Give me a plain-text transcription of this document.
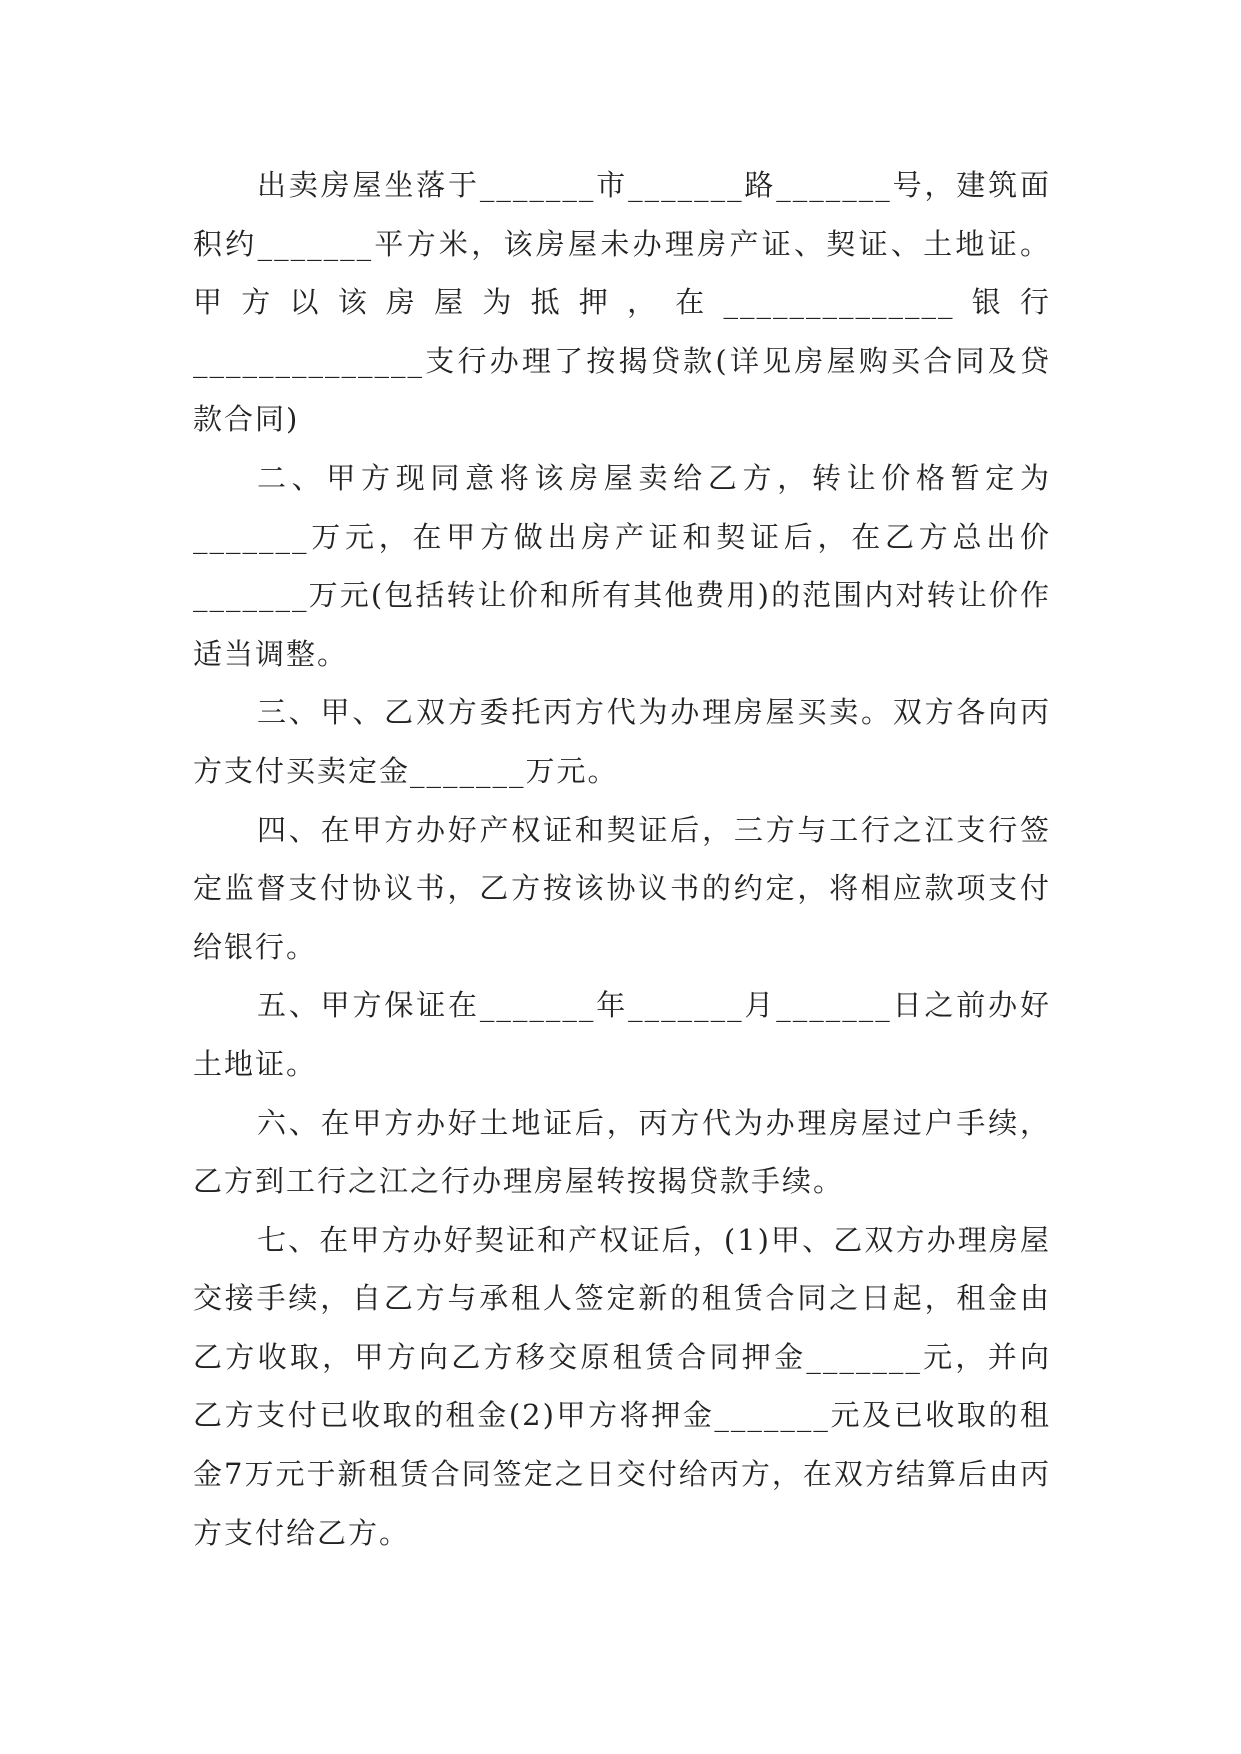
出卖房屋坐落于_______市_______路_______号，建筑面积约_______平方米，该房屋未办理房产证、契证、土地证。甲方以该房屋为抵押，在______________银行______________支行办理了按揭贷款(详见房屋购买合同及贷款合同)

二、甲方现同意将该房屋卖给乙方，转让价格暂定为_______万元，在甲方做出房产证和契证后，在乙方总出价_______万元(包括转让价和所有其他费用)的范围内对转让价作适当调整。

三、甲、乙双方委托丙方代为办理房屋买卖。双方各向丙方支付买卖定金_______万元。

四、在甲方办好产权证和契证后，三方与工行之江支行签定监督支付协议书，乙方按该协议书的约定，将相应款项支付给银行。

五、甲方保证在_______年_______月_______日之前办好土地证。

六、在甲方办好土地证后，丙方代为办理房屋过户手续，乙方到工行之江之行办理房屋转按揭贷款手续。

七、在甲方办好契证和产权证后，(1)甲、乙双方办理房屋交接手续，自乙方与承租人签定新的租赁合同之日起，租金由乙方收取，甲方向乙方移交原租赁合同押金_______元，并向乙方支付已收取的租金(2)甲方将押金_______元及已收取的租金7万元于新租赁合同签定之日交付给丙方，在双方结算后由丙方支付给乙方。
